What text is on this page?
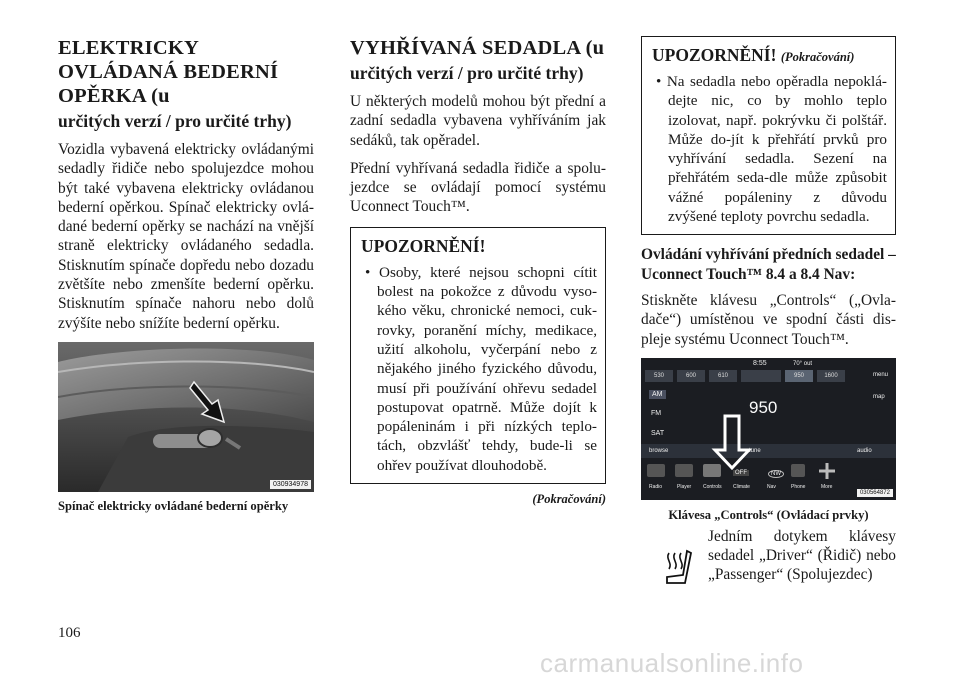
ELEKTRICKY OVLÁDANÁ BEDERNÍ OPĚRKA (u
určitých verzí / pro určité trhy)

Vozidla vybavená elektricky ovládanými sedadly řidiče nebo spolujezdce mohou být také vybavena elektricky ovládanou bederní opěrkou. Spínač elektricky ovlá-dané bederní opěrky se nachází na vnější straně elektricky ovládaného sedadla. Stisknutím spínače dopředu nebo dozadu zvětšíte nebo zmenšíte bederní opěrku. Stisknutím spínače nahoru nebo dolů zvýšíte nebo snížíte bederní opěrku.

030934978
Spínač elektricky ovládané bederní opěrky
VYHŘÍVANÁ SEDADLA (u
určitých verzí / pro určité trhy)

U některých modelů mohou být přední a zadní sedadla vybavena vyhříváním jak sedáků, tak opěradel.

Přední vyhřívaná sedadla řidiče a spolu-jezdce se ovládají pomocí systému Uconnect Touch™.

UPOZORNĚNÍ!

• Osoby, které nejsou schopni cítit bolest na pokožce z důvodu vyso-kého věku, chronické nemoci, cuk-rovky, poranění míchy, medikace, užití alkoholu, vyčerpání nebo z nějakého jiného fyzického důvodu, musí při používání ohřevu sedadel postupovat opatrně. Může dojít k popáleninám i při nízkých teplo-tách, obzvlášť tehdy, bude-li se ohřev používat dlouhodobě.

(Pokračování)
UPOZORNĚNÍ! (Pokračování)

• Na sedadla nebo opěradla nepoklá-dejte nic, co by mohlo teplo izolovat, např. pokrývku či polštář. Může do-jít k přehřátí prvků pro vyhřívání sedadla. Sezení na přehřátém seda-dle může způsobit vážné popáleniny z důvodu zvýšené teploty povrchu sedadla.

Ovládání vyhřívání předních sedadel – Uconnect Touch™ 8.4 a 8.4 Nav:

Stiskněte klávesu „Controls“ („Ovla-dače“) umístěnou ve spodní části dis-pleje systému Uconnect Touch™.

8:55	70° out
530	600	610	950	1600	menu
AM
FM
SAT
map
950
browse	tune	audio
OFF	NW
Radio	Player Controls Climate	Nav	Phone	More
030564872
Klávesa „Controls“ (Ovládací prvky)
Jedním dotykem klávesy sedadel „Driver“ (Řidič) nebo „Passenger“ (Spolujezdec)
106
carmanualsonline.info
